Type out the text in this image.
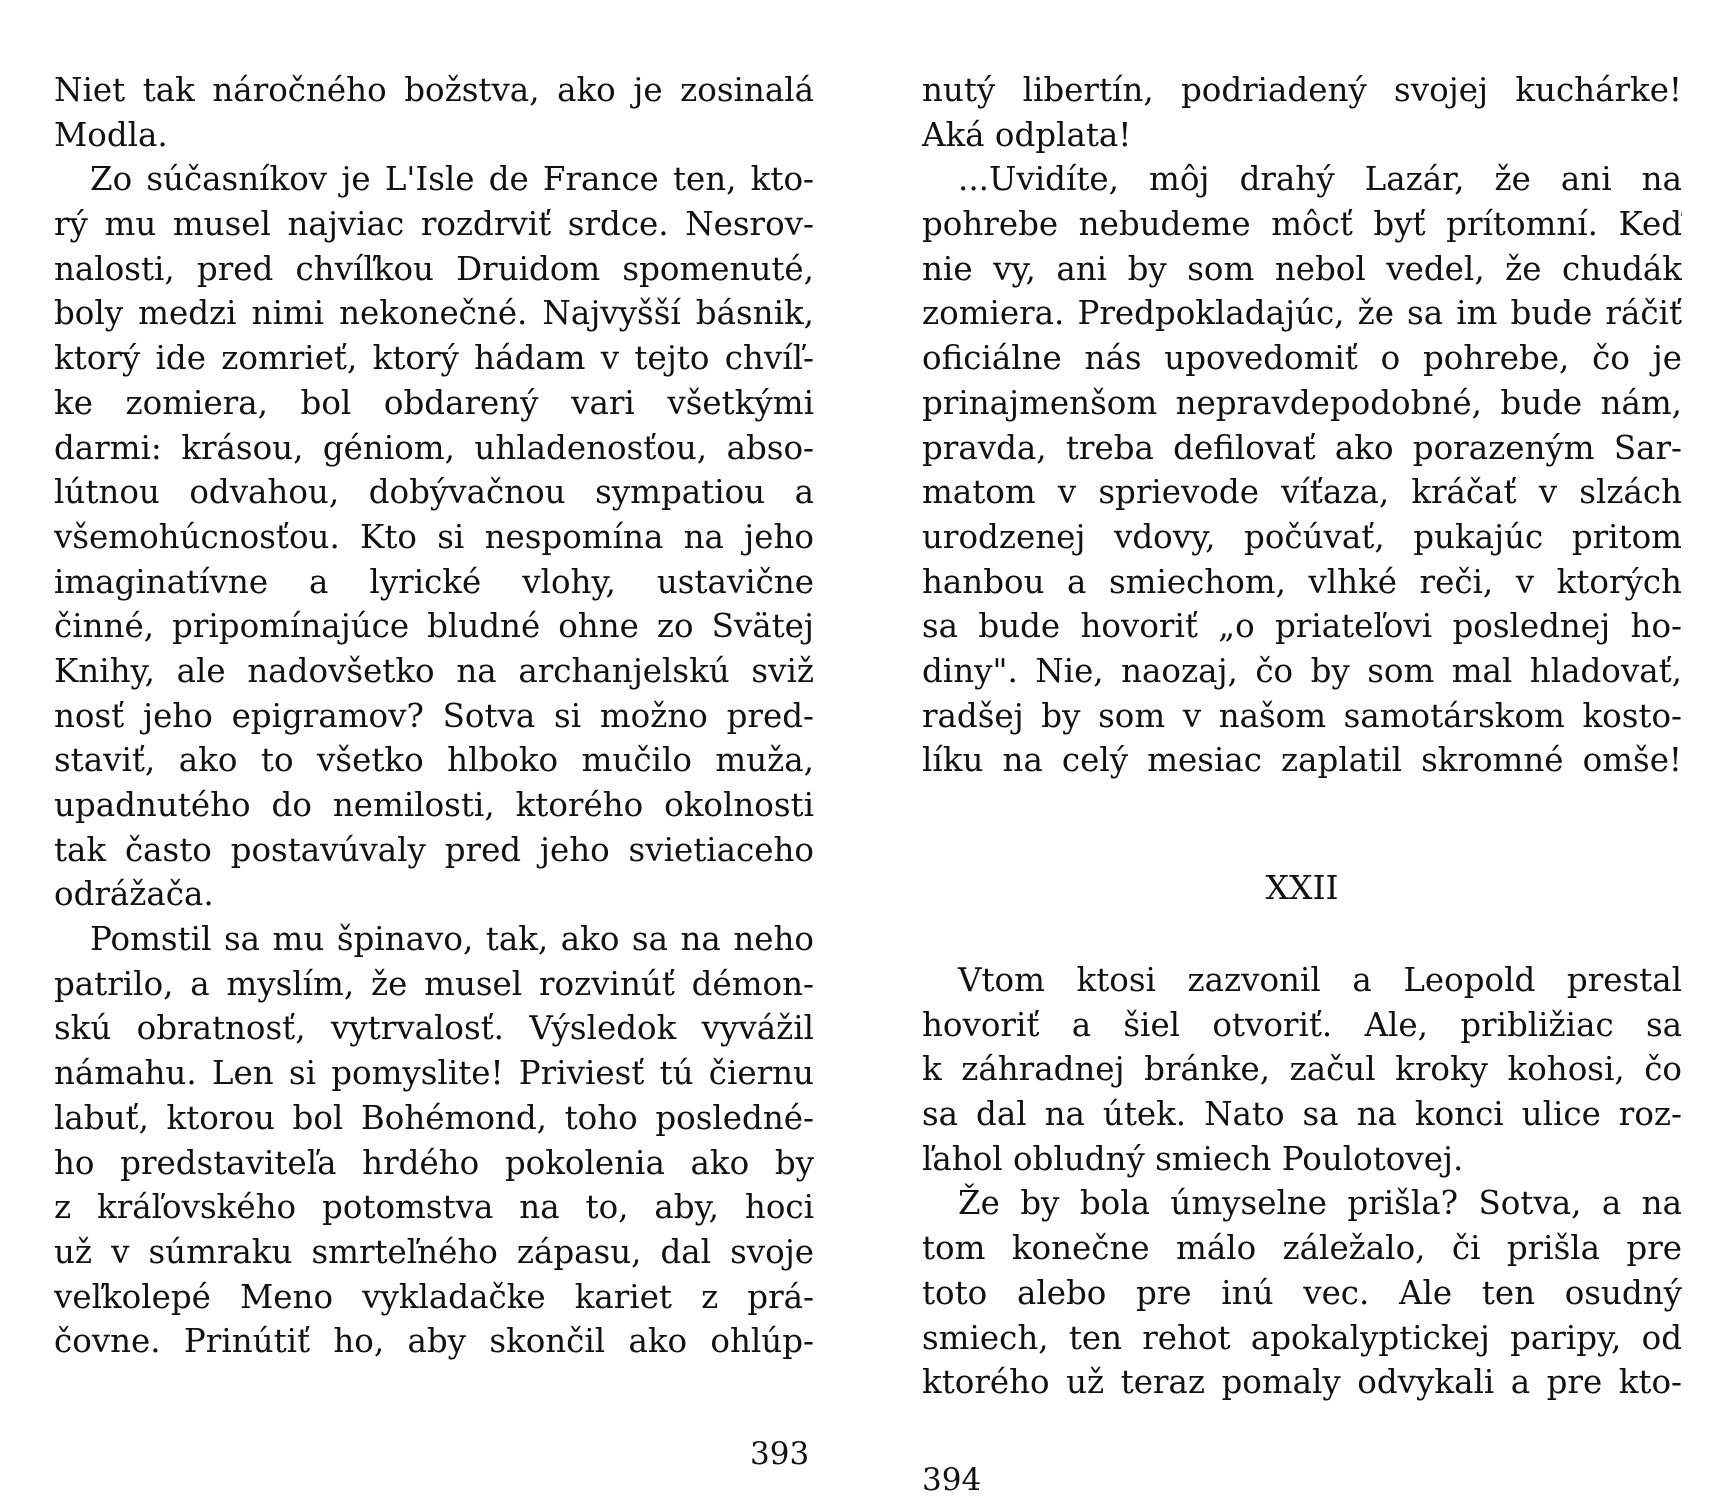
Niet tak náročného božstva, ako je zosinalá
Modla.
Zo súčasníkov je L'Isle de France ten, kto-
rý mu musel najviac rozdrviť srdce. Nesrov-
nalosti, pred chvíľkou Druidom spomenuté,
boly medzi nimi nekonečné. Najvyšší básnik,
ktorý ide zomrieť, ktorý hádam v tejto chvíľ-
ke zomiera, bol obdarený vari všetkými
darmi: krásou, géniom, uhladenosťou, abso-
lútnou odvahou, dobývačnou sympatiou a
všemohúcnosťou. Kto si nespomína na jeho
imaginatívne a lyrické vlohy, ustavične
činné, pripomínajúce bludné ohne zo Svätej
Knihy, ale nadovšetko na archanjelskú sviž
nosť jeho epigramov? Sotva si možno pred-
staviť, ako to všetko hlboko mučilo muža,
upadnutého do nemilosti, ktorého okolnosti
tak často postavúvaly pred jeho svietiaceho
odrážača.
Pomstil sa mu špinavo, tak, ako sa na neho
patrilo, a myslím, že musel rozvinúť démon-
skú obratnosť, vytrvalosť. Výsledok vyvážil
námahu. Len si pomyslite! Priviesť tú čiernu
labuť, ktorou bol Bohémond, toho posledné-
ho predstaviteľa hrdého pokolenia ako by
z kráľovského potomstva na to, aby, hoci
už v súmraku smrteľného zápasu, dal svoje
veľkolepé Meno vykladačke kariet z prá-
čovne. Prinútiť ho, aby skončil ako ohlúp-
393
nutý libertín, podriadený svojej kuchárke!
Aká odplata!
...Uvidíte, môj drahý Lazár, že ani na
pohrebe nebudeme môcť byť prítomní. Keď
nie vy, ani by som nebol vedel, že chudák
zomiera. Predpokladajúc, že sa im bude ráčiť
oficiálne nás upovedomiť o pohrebe, čo je
prinajmenšom nepravdepodobné, bude nám,
pravda, treba defilovať ako porazeným Sar-
matom v sprievode víťaza, kráčať v slzách
urodzenej vdovy, počúvať, pukajúc pritom
hanbou a smiechom, vlhké reči, v ktorých
sa bude hovoriť „o priateľovi poslednej ho-
diny". Nie, naozaj, čo by som mal hladovať,
radšej by som v našom samotárskom kosto-
líku na celý mesiac zaplatil skromné omše!
XXII
Vtom ktosi zazvonil a Leopold prestal
hovoriť a šiel otvoriť. Ale, približiac sa
k záhradnej bránke, začul kroky kohosi, čo
sa dal na útek. Nato sa na konci ulice roz-
ľahol obludný smiech Poulotovej.
Že by bola úmyselne prišla? Sotva, a na
tom konečne málo záležalo, či prišla pre
toto alebo pre inú vec. Ale ten osudný
smiech, ten rehot apokalyptickej paripy, od
ktorého už teraz pomaly odvykali a pre kto-
394
